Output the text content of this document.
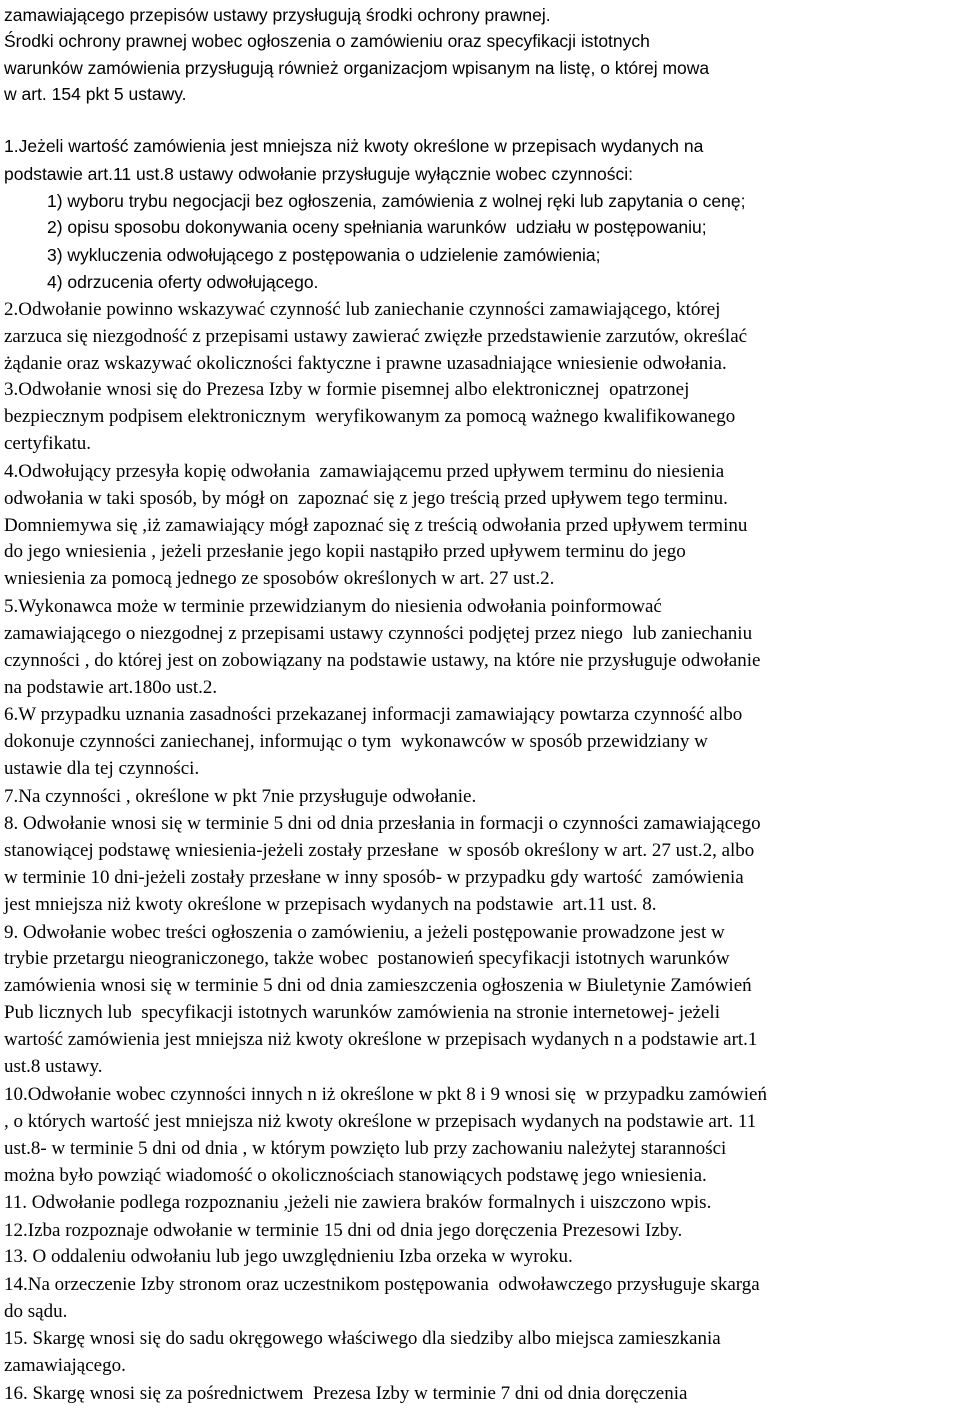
zamawiającego przepisów ustawy przysługują środki ochrony prawnej.
Środki ochrony prawnej wobec ogłoszenia o zamówieniu oraz specyfikacji istotnych
warunków zamówienia przysługują również organizacjom wpisanym na listę, o której mowa
w art. 154 pkt 5 ustawy.
1.Jeżeli wartość zamówienia jest mniejsza niż kwoty określone w przepisach wydanych na
podstawie art.11 ust.8 ustawy odwołanie przysługuje wyłącznie wobec czynności:
1) wyboru trybu negocjacji bez ogłoszenia, zamówienia z wolnej ręki lub zapytania o cenę;
2) opisu sposobu dokonywania oceny spełniania warunków  udziału w postępowaniu;
3) wykluczenia odwołującego z postępowania o udzielenie zamówienia;
4) odrzucenia oferty odwołującego.
2.Odwołanie powinno wskazywać czynność lub zaniechanie czynności zamawiającego, której
zarzuca się niezgodność z przepisami ustawy zawierać zwięzłe przedstawienie zarzutów, określać
żądanie oraz wskazywać okoliczności faktyczne i prawne uzasadniające wniesienie odwołania.
3.Odwołanie wnosi się do Prezesa Izby w formie pisemnej albo elektronicznej  opatrzonej
bezpiecznym podpisem elektronicznym  weryfikowanym za pomocą ważnego kwalifikowanego
certyfikatu.
4.Odwołujący przesyła kopię odwołania  zamawiającemu przed upływem terminu do niesienia
odwołania w taki sposób, by mógł on  zapoznać się z jego treścią przed upływem tego terminu.
Domniemywa się ,iż zamawiający mógł zapoznać się z treścią odwołania przed upływem terminu
do jego wniesienia , jeżeli przesłanie jego kopii nastąpiło przed upływem terminu do jego
wniesienia za pomocą jednego ze sposobów określonych w art. 27 ust.2.
5.Wykonawca może w terminie przewidzianym do niesienia odwołania poinformować
zamawiającego o niezgodnej z przepisami ustawy czynności podjętej przez niego  lub zaniechaniu
czynności , do której jest on zobowiązany na podstawie ustawy, na które nie przysługuje odwołanie
na podstawie art.180o ust.2.
6.W przypadku uznania zasadności przekazanej informacji zamawiający powtarza czynność albo
dokonuje czynności zaniechanej, informując o tym  wykonawców w sposób przewidziany w
ustawie dla tej czynności.
7.Na czynności , określone w pkt 7nie przysługuje odwołanie.
8. Odwołanie wnosi się w terminie 5 dni od dnia przesłania in formacji o czynności zamawiającego
stanowiącej podstawę wniesienia-jeżeli zostały przesłane  w sposób określony w art. 27 ust.2, albo
w terminie 10 dni-jeżeli zostały przesłane w inny sposób- w przypadku gdy wartość  zamówienia
jest mniejsza niż kwoty określone w przepisach wydanych na podstawie  art.11 ust. 8.
9. Odwołanie wobec treści ogłoszenia o zamówieniu, a jeżeli postępowanie prowadzone jest w
trybie przetargu nieograniczonego, także wobec  postanowień specyfikacji istotnych warunków
zamówienia wnosi się w terminie 5 dni od dnia zamieszczenia ogłoszenia w Biuletynie Zamówień
Pub licznych lub  specyfikacji istotnych warunków zamówienia na stronie internetowej- jeżeli
wartość zamówienia jest mniejsza niż kwoty określone w przepisach wydanych n a podstawie art.1
ust.8 ustawy.
10.Odwołanie wobec czynności innych n iż określone w pkt 8 i 9 wnosi się  w przypadku zamówień
, o których wartość jest mniejsza niż kwoty określone w przepisach wydanych na podstawie art. 11
ust.8- w terminie 5 dni od dnia , w którym powzięto lub przy zachowaniu należytej staranności
można było powziąć wiadomość o okolicznościach stanowiących podstawę jego wniesienia.
11. Odwołanie podlega rozpoznaniu ,jeżeli nie zawiera braków formalnych i uiszczono wpis.
12.Izba rozpoznaje odwołanie w terminie 15 dni od dnia jego doręczenia Prezesowi Izby.
13. O oddaleniu odwołaniu lub jego uwzględnieniu Izba orzeka w wyroku.
14.Na orzeczenie Izby stronom oraz uczestnikom postępowania  odwoławczego przysługuje skarga
do sądu.
15. Skargę wnosi się do sadu okręgowego właściwego dla siedziby albo miejsca zamieszkania
zamawiającego.
16. Skargę wnosi się za pośrednictwem  Prezesa Izby w terminie 7 dni od dnia doręczenia
